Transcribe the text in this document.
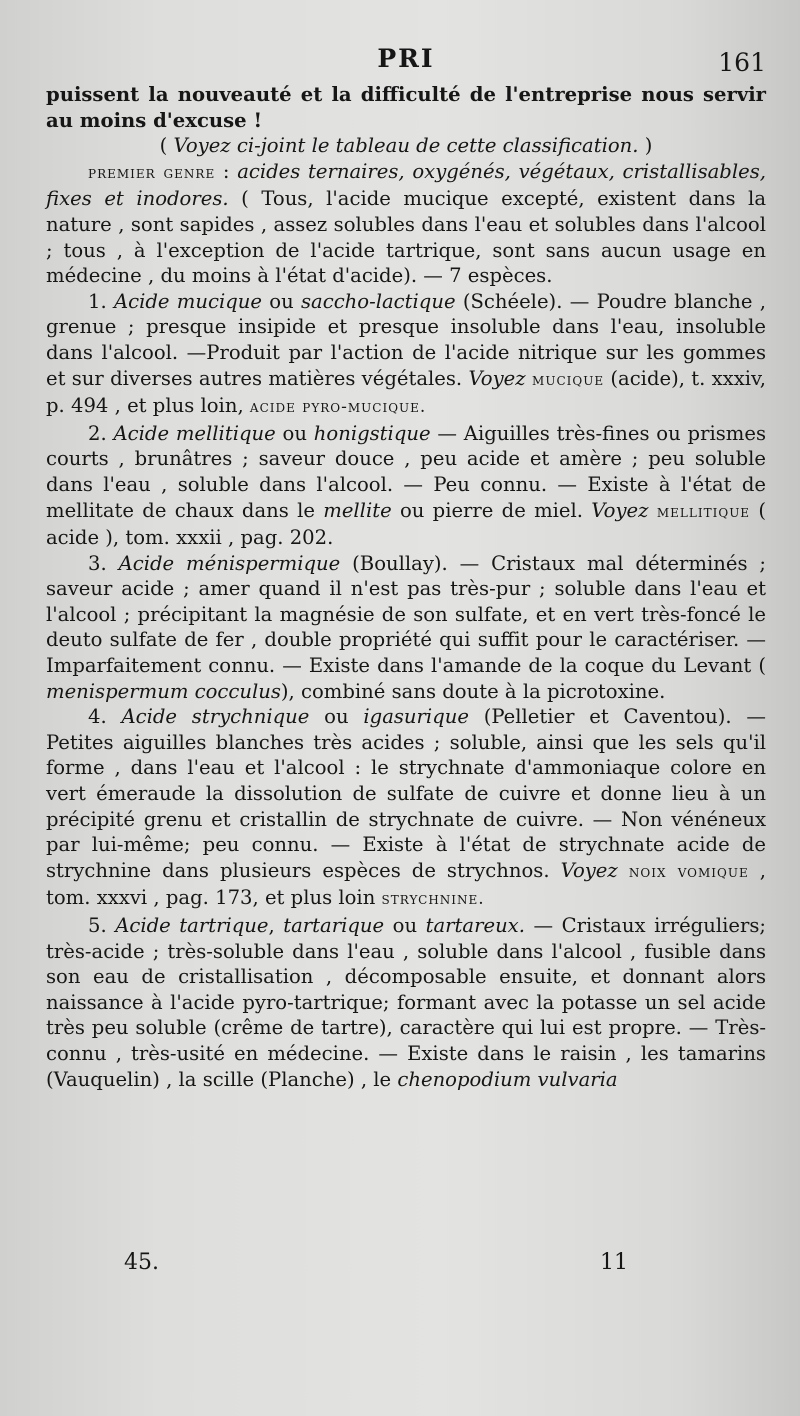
PRI	161

puissent la nouveauté et la difficulté de l'entreprise nous servir au moins d'excuse !

( Voyez ci-joint le tableau de cette classification. )

premier genre : acides ternaires, oxygénés, végétaux, cristallisables, fixes et inodores. ( Tous, l'acide mucique excepté, existent dans la nature , sont sapides , assez solubles dans l'eau et solubles dans l'alcool ; tous , à l'exception de l'acide tartrique, sont sans aucun usage en médecine , du moins à l'état d'acide). — 7 espèces.

1. Acide mucique ou saccho-lactique (Schéele). — Poudre blanche , grenue ; presque insipide et presque insoluble dans l'eau, insoluble dans l'alcool. —Produit par l'action de l'acide nitrique sur les gommes et sur diverses autres matières végétales. Voyez mucique (acide), t. xxxiv, p. 494 , et plus loin, acide pyro-mucique.

2. Acide mellitique ou honigstique — Aiguilles très-fines ou prismes courts , brunâtres ; saveur douce , peu acide et amère ; peu soluble dans l'eau , soluble dans l'alcool. — Peu connu. — Existe à l'état de mellitate de chaux dans le mellite ou pierre de miel. Voyez mellitique ( acide ), tom. xxxii , pag. 202.

3. Acide ménispermique (Boullay). — Cristaux mal déterminés ; saveur acide ; amer quand il n'est pas très-pur ; soluble dans l'eau et l'alcool ; précipitant la magnésie de son sulfate, et en vert très-foncé le deuto sulfate de fer , double propriété qui suffit pour le caractériser. — Imparfaitement connu. — Existe dans l'amande de la coque du Levant ( menispermum cocculus), combiné sans doute à la picrotoxine.

4. Acide strychnique ou igasurique (Pelletier et Caventou). — Petites aiguilles blanches très acides ; soluble, ainsi que les sels qu'il forme , dans l'eau et l'alcool : le strychnate d'ammoniaque colore en vert émeraude la dissolution de sulfate de cuivre et donne lieu à un précipité grenu et cristallin de strychnate de cuivre. — Non vénéneux par lui-même; peu connu. — Existe à l'état de strychnate acide de strychnine dans plusieurs espèces de strychnos. Voyez noix vomique , tom. xxxvi , pag. 173, et plus loin strychnine.

5. Acide tartrique, tartarique ou tartareux. — Cristaux irréguliers; très-acide ; très-soluble dans l'eau , soluble dans l'alcool , fusible dans son eau de cristallisation , décomposable ensuite, et donnant alors naissance à l'acide pyro-tartrique; formant avec la potasse un sel acide très peu soluble (crême de tartre), caractère qui lui est propre. — Très-connu , très-usité en médecine. — Existe dans le raisin , les tamarins (Vauquelin) , la scille (Planche) , le chenopodium vulvaria

45.	11
